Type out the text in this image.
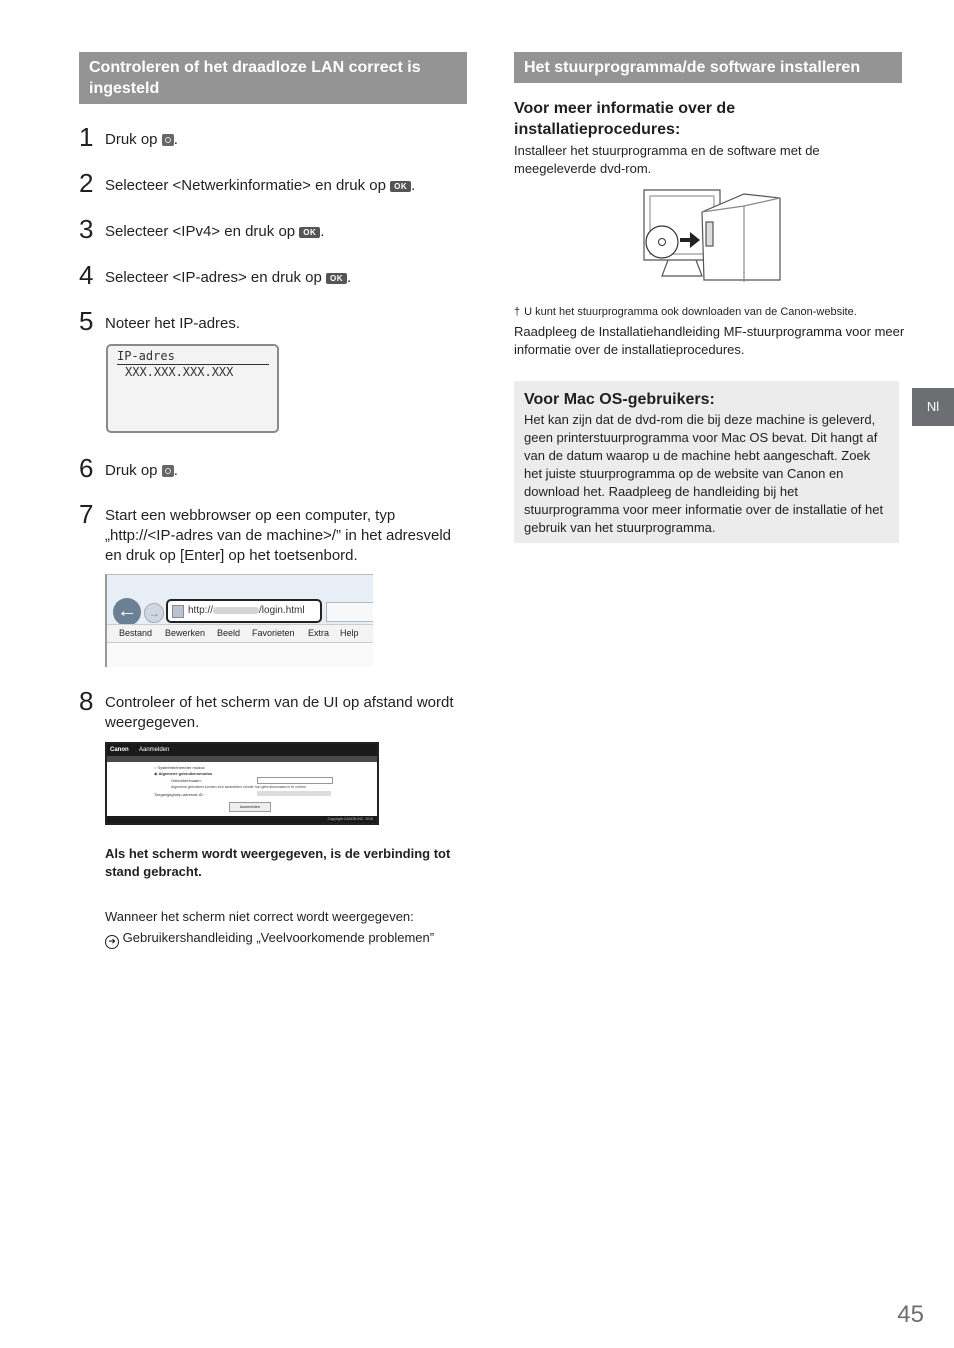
Controleren of het draadloze LAN correct is ingesteld
1 Druk op .
2 Selecteer <Netwerkinformatie> en druk op OK .
3 Selecteer <IPv4> en druk op OK .
4 Selecteer <IP-adres> en druk op OK .
5 Noteer het IP-adres.
IP-adres
XXX.XXX.XXX.XXX
6 Druk op .
7 Start een webbrowser op een computer, typ „http://<IP-adres van de machine>/” in het adresveld en druk op [Enter] op het toetsenbord.
← →	http://	/login.html
Bestand Bewerken Beeld Favorieten Extra Help
8 Controleer of het scherm van de UI op afstand wordt weergegeven.
Canon Aanmelden
○ Systeembeheerder modus
◉ Algemene gebruikersmodus
Gebruikersnaam:
Algemene gebruikers kunnen zich aanmelden zonder hun gebruikersnaam in te voeren
Toegangsgroep-adresrst-ID:
Aanmelden
Copyright CANON INC. 2015
Als het scherm wordt weergegeven, is de verbinding tot stand gebracht.
Wanneer het scherm niet correct wordt weergegeven:
➜ Gebruikershandleiding „Veelvoorkomende problemen”
Het stuurprogramma/de software installeren
Voor meer informatie over de installatieprocedures:
Installeer het stuurprogramma en de software met de meegeleverde dvd-rom.
† U kunt het stuurprogramma ook downloaden van de Canon-website.
Raadpleeg de Installatiehandleiding MF-stuurprogramma voor meer informatie over de installatieprocedures.
Voor Mac OS-gebruikers:
Het kan zijn dat de dvd-rom die bij deze machine is geleverd, geen printerstuurprogramma voor Mac OS bevat. Dit hangt af van de datum waarop u de machine hebt aangeschaft. Zoek het juiste stuurprogramma op de website van Canon en download het. Raadpleeg de handleiding bij het stuurprogramma voor meer informatie over de installatie of het gebruik van het stuurprogramma.
Nl
45
